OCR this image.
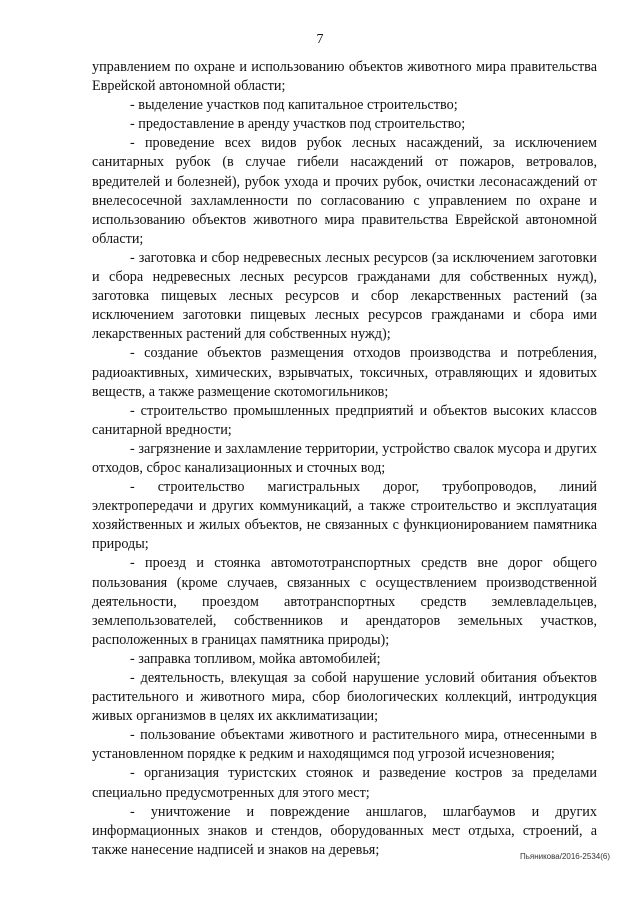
7

управлением по охране и использованию объектов животного мира правительства Еврейской автономной области;

- выделение участков под капитальное строительство;

- предоставление в аренду участков под строительство;

- проведение всех видов рубок лесных насаждений, за исключением санитарных рубок (в случае гибели насаждений от пожаров, ветровалов, вредителей и болезней), рубок ухода и прочих рубок, очистки лесонасаждений от внелесосечной захламленности по согласованию с управлением по охране и использованию объектов животного мира правительства Еврейской автономной области;

- заготовка и сбор недревесных лесных ресурсов (за исключением заготовки и сбора недревесных лесных ресурсов гражданами для собственных нужд), заготовка пищевых лесных ресурсов и сбор лекарственных растений (за исключением заготовки пищевых лесных ресурсов гражданами и сбора ими лекарственных растений для собственных нужд);

- создание объектов размещения отходов производства и потребления, радиоактивных, химических, взрывчатых, токсичных, отравляющих и ядовитых веществ, а также размещение скотомогильников;

- строительство промышленных предприятий и объектов высоких классов санитарной вредности;

- загрязнение и захламление территории, устройство свалок мусора и других отходов, сброс канализационных и сточных вод;

- строительство магистральных дорог, трубопроводов, линий электропередачи и других коммуникаций, а также строительство и эксплуатация хозяйственных и жилых объектов, не связанных с функционированием памятника природы;

- проезд и стоянка автомототранспортных средств вне дорог общего пользования (кроме случаев, связанных с осуществлением производственной деятельности, проездом автотранспортных средств землевладельцев, землепользователей, собственников и арендаторов земельных участков, расположенных в границах памятника природы);

- заправка топливом, мойка автомобилей;

- деятельность, влекущая за собой нарушение условий обитания объектов растительного и животного мира, сбор биологических коллекций, интродукция живых организмов в целях их акклиматизации;

- пользование объектами животного и растительного мира, отнесенными в установленном порядке к редким и находящимся под угрозой исчезновения;

- организация туристских стоянок и разведение костров за пределами специально предусмотренных для этого мест;

- уничтожение и повреждение аншлагов, шлагбаумов и других информационных знаков и стендов, оборудованных мест отдыха, строений, а также нанесение надписей и знаков на деревья;	Пьяникова/2016-2534(6)
